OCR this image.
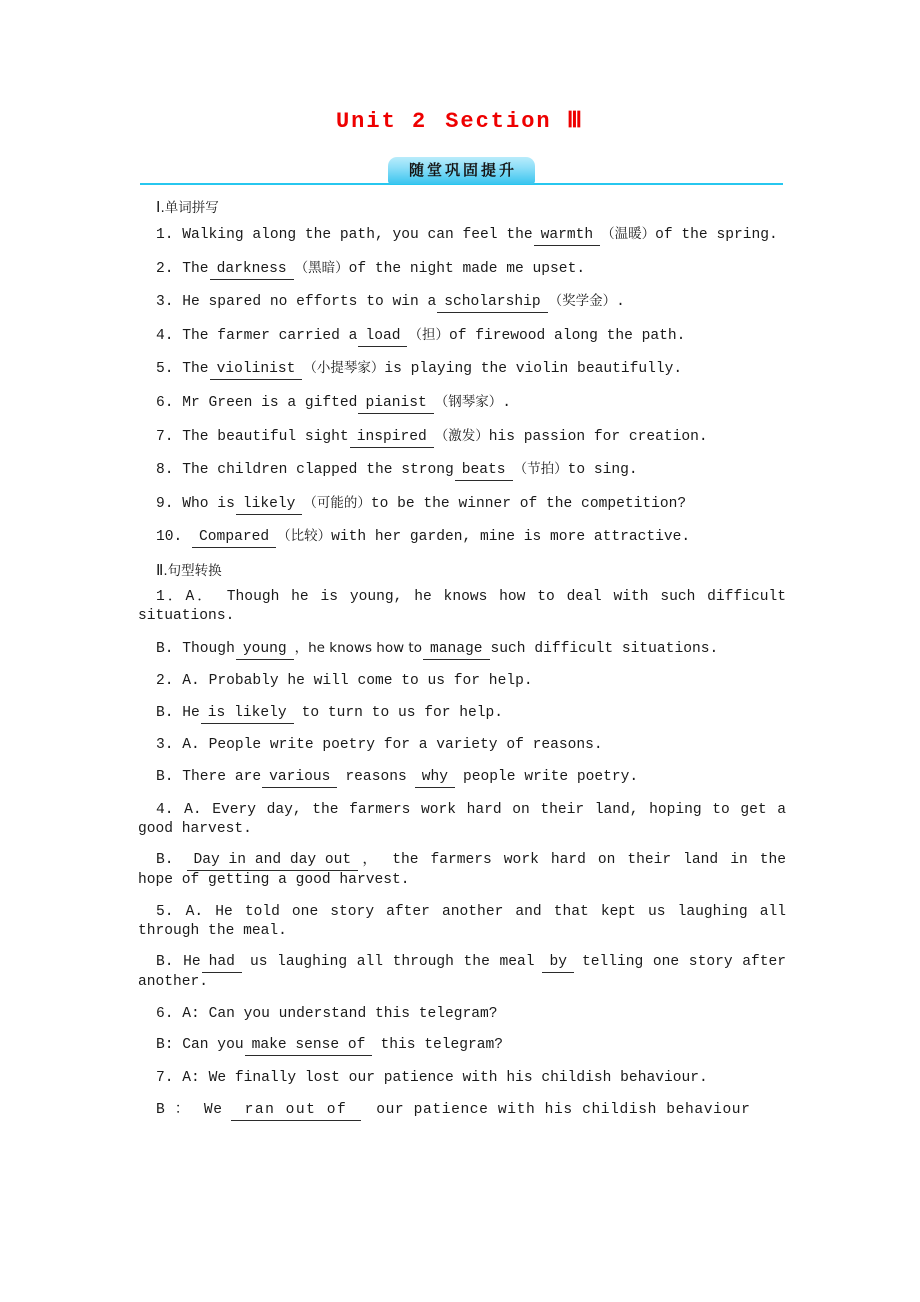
Unit 2 Section Ⅲ
随堂巩固提升
Ⅰ.单词拼写
1. Walking along the path, you can feel the warmth （温暖）of the spring.
2. The darkness （黑暗）of the night made me upset.
3. He spared no efforts to win a scholarship （奖学金）.
4. The farmer carried a load （担）of firewood along the path.
5. The violinist （小提琴家）is playing the violin beautifully.
6. Mr Green is a gifted pianist （钢琴家）.
7. The beautiful sight inspired （激发）his passion for creation.
8. The children clapped the strong beats （节拍）to sing.
9. Who is likely （可能的）to be the winner of the competition?
10. Compared （比较）with her garden, mine is more attractive.
Ⅱ.句型转换
1．A． Though he is young, he knows how to deal with such difficult situations.
B. Though young ，he knows how to manage such difficult situations.
2. A. Probably he will come to us for help.
B. He is likely to turn to us for help.
3. A. People write poetry for a variety of reasons.
B. There are various reasons why people write poetry.
4. A. Every day, the farmers work hard on their land, hoping to get a good harvest.
B. Day in and day out ， the farmers work hard on their land in the hope of getting a good harvest.
5. A. He told one story after another and that kept us laughing all through the meal.
B. He had us laughing all through the meal by telling one story after another.
6. A: Can you understand this telegram?
B: Can you make sense of this telegram?
7. A: We finally lost our patience with his childish behaviour.
B ： We ran out of our patience with his childish behaviour
